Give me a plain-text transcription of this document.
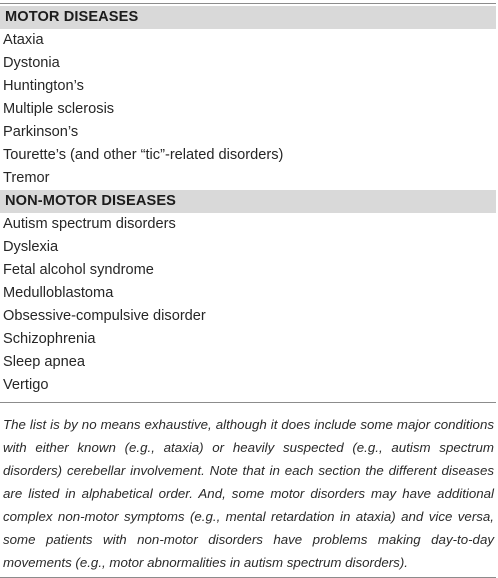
MOTOR DISEASES
Ataxia
Dystonia
Huntington’s
Multiple sclerosis
Parkinson’s
Tourette’s (and other “tic”-related disorders)
Tremor
NON-MOTOR DISEASES
Autism spectrum disorders
Dyslexia
Fetal alcohol syndrome
Medulloblastoma
Obsessive-compulsive disorder
Schizophrenia
Sleep apnea
Vertigo
The list is by no means exhaustive, although it does include some major conditions with either known (e.g., ataxia) or heavily suspected (e.g., autism spectrum disorders) cerebellar involvement. Note that in each section the different diseases are listed in alphabetical order. And, some motor disorders may have additional complex non-motor symptoms (e.g., mental retardation in ataxia) and vice versa, some patients with non-motor disorders have problems making day-to-day movements (e.g., motor abnormalities in autism spectrum disorders).
